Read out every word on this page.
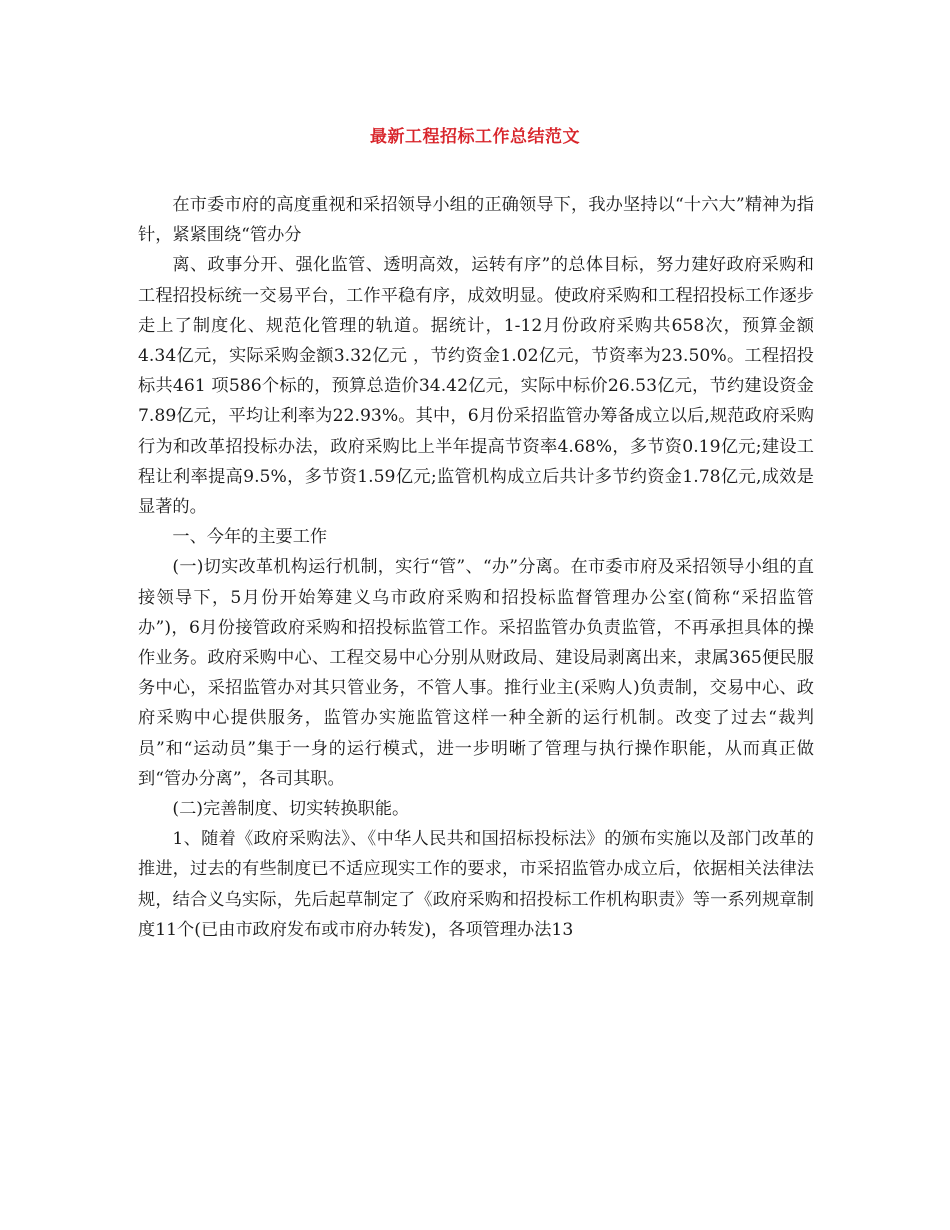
最新工程招标工作总结范文

在市委市府的高度重视和采招领导小组的正确领导下，我办坚持以“十六大”精神为指针，紧紧围绕“管办分

离、政事分开、强化监管、透明高效，运转有序”的总体目标，努力建好政府采购和工程招投标统一交易平台，工作平稳有序，成效明显。使政府采购和工程招投标工作逐步走上了制度化、规范化管理的轨道。据统计，1-12月份政府采购共658次，预算金额4.34亿元，实际采购金额3.32亿元 ，节约资金1.02亿元，节资率为23.50%。工程招投标共461 项586个标的，预算总造价34.42亿元，实际中标价26.53亿元，节约建设资金7.89亿元，平均让利率为22.93%。其中，6月份采招监管办筹备成立以后,规范政府采购行为和改革招投标办法，政府采购比上半年提高节资率4.68%，多节资0.19亿元;建设工程让利率提高9.5%，多节资1.59亿元;监管机构成立后共计多节约资金1.78亿元,成效是显著的。

一、今年的主要工作

(一)切实改革机构运行机制，实行“管”、“办”分离。在市委市府及采招领导小组的直接领导下，5月份开始筹建义乌市政府采购和招投标监督管理办公室(简称“采招监管办”)，6月份接管政府采购和招投标监管工作。采招监管办负责监管，不再承担具体的操作业务。政府采购中心、工程交易中心分别从财政局、建设局剥离出来，隶属365便民服务中心，采招监管办对其只管业务，不管人事。推行业主(采购人)负责制，交易中心、政府采购中心提供服务，监管办实施监管这样一种全新的运行机制。改变了过去“裁判员”和“运动员”集于一身的运行模式，进一步明晰了管理与执行操作职能，从而真正做到“管办分离”，各司其职。

(二)完善制度、切实转换职能。

1、随着《政府采购法》、《中华人民共和国招标投标法》的颁布实施以及部门改革的推进，过去的有些制度已不适应现实工作的要求，市采招监管办成立后，依据相关法律法规，结合义乌实际，先后起草制定了《政府采购和招投标工作机构职责》等一系列规章制度11个(已由市政府发布或市府办转发)，各项管理办法13
